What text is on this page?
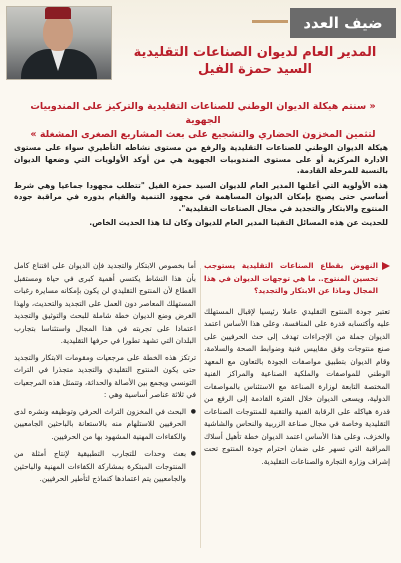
ضيف العدد
المدير العام لديوان الصناعات التقليدية
السيد حمزة الفيل
« سنتم هيكلة الديوان الوطني للصناعات التقليدية والتركيز على المندوبيات الجهوية
لتثمين المخزون الحضاري والتشجيع على بعث المشاريع الصغرى المشغلة »

هيكلة الديوان الوطني للصناعات التقليدية والرفع من مستوى نشاطه التأطيري سواء على مستوى الادارة المركزية أو على مستوى المندوبيات الجهوية هي من أوكد الأولويات التي وضعها الديوان بالنسبة للمرحلة القادمة.

هذه الأولوية التي أعلنها المدير العام للديوان السيد حمزة الفيل "تتطلب مجهودا جماعيا وهي شرط أساسي حتى يصبح بإمكان الديوان المساهمة في مجهود التنمية والقيام بدوره في مراقبة جودة المنتوج والابتكار والتجديد في مجال الصناعات التقليدية".

للحديث عن هذه المسائل التقينا المدير العام للديوان وكان لنا هذا الحديث الخاص.

النهوض بقطاع الصناعات التقليدية يستوجب تحسين المنتوج.. ما هي توجهات الديوان في هذا المجال وماذا عن الابتكار والتجديد؟

تعتبر جودة المنتوج التقليدي عاملا رئيسيا لإقبال المستهلك عليه وأكتسابه قدرة على المنافسة، وعلى هذا الأساس اعتمد الديوان جملة من الإجراءات تهدف إلى حث الحرفيين على صنع منتوجات وفق مقاييس فنية وضوابط الصحة والسلامة، وقام الديوان بتطبيق مواصفات الجودة بالتعاون مع المعهد الوطني للمواصفات والملكية الصناعية والمراكز الفنية المختصة التابعة لوزارة الصناعة مع الاستئناس بالمواصفات الدولية، ويسعى الديوان خلال الفترة القادمة إلى الرفع من قدرة هياكله على الرقابة الفنية والتقنية للمنتوجات الصناعات التقليدية وخاصة في مجال صناعة الزربية والنحاس والشاشية والخزف، وعلى هذا الأساس اعتمد الديوان خطة تأهيل أسلاك المراقبة التي تسهر على ضمان احترام جودة المنتوج تحت إشراف وزارة التجارة والصناعات التقليدية.

أما بخصوص الابتكار والتجديد فإن الديوان على اقتناع كامل بأن هذا النشاط يكتسي أهمية كبرى في حياة ومستقبل القطاع لأن المنتوج التقليدي لن يكون بإمكانه مسايرة رغبات المستهلك المعاصر دون العمل على التجديد والتحديث، ولهذا الغرض وضع الديوان خطة شاملة للبحث والتوثيق والتجديد اعتمادا على تجربته في هذا المجال واستئناسا بتجارب البلدان التي تشهد تطورا في حرفها التقليدية.

ترتكز هذه الخطة على مرجعيات ومقومات الابتكار والتجديد حتى يكون المنتوج التقليدي والتجديد متجذرا في التراث التونسي ويجمع بين الأصالة والحداثة، وتتمثل هذه المرجعيات في ثلاثة عناصر أساسية وهي :

● البحث في المخزون التراث الحرفي وتوظيفه ونشره لدى الحرفيين للاستلهام منه بالاستعانة بالباحثين الجامعيين والكفاءات المهنية المشهود بها من الحرفيين.
● بعث وحدات للتجارب التطبيقية لإنتاج أمثلة من المنتوجات المبتكرة بمشاركة الكفاءات المهنية والباحثين والجامعيين يتم اعتمادها كنماذج لتأطير الحرفيين.
